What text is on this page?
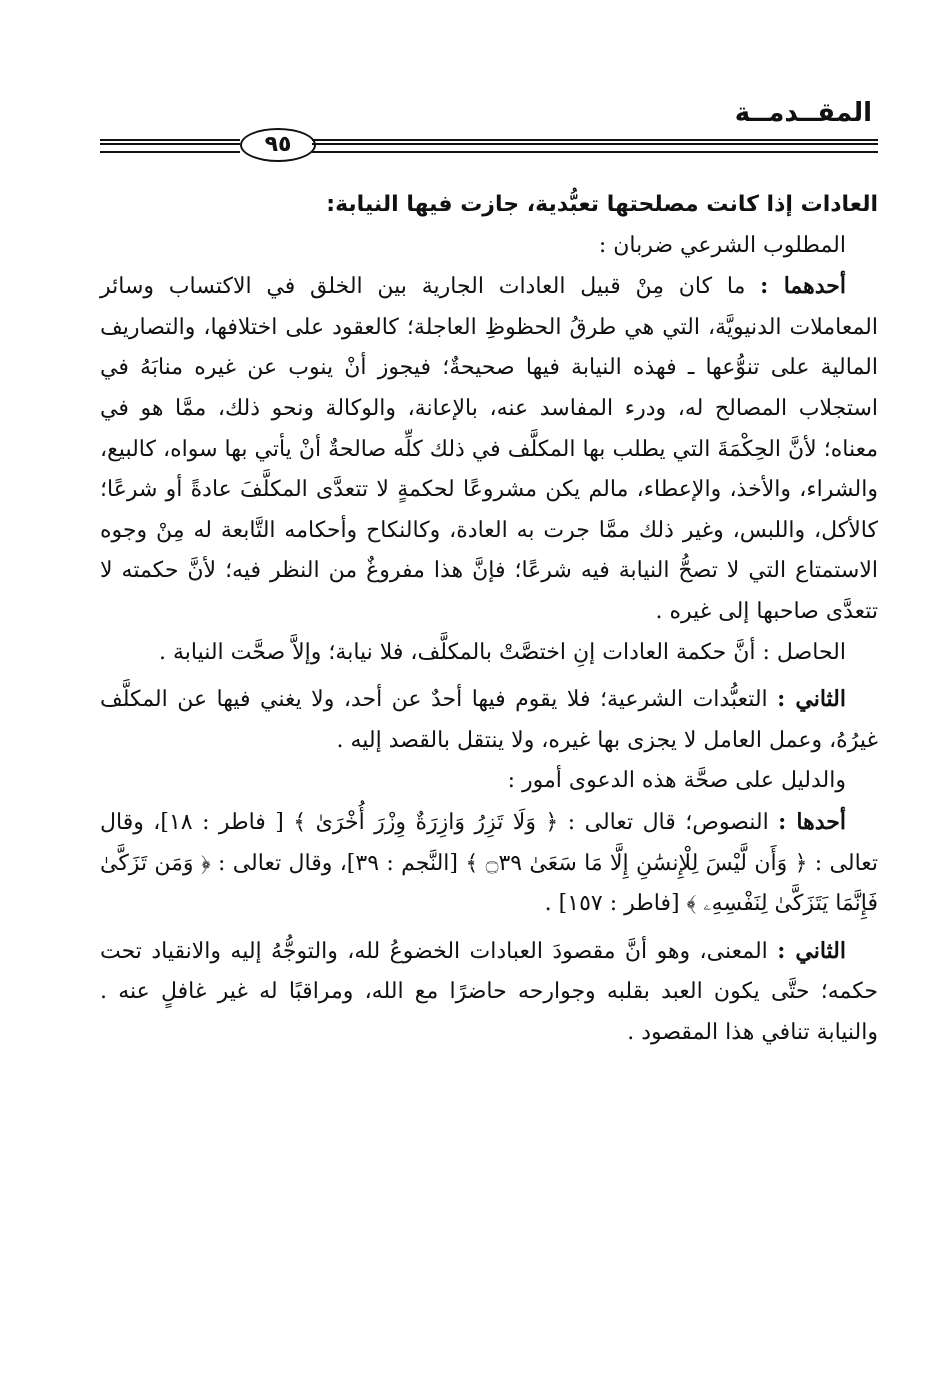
المقــدمــة
٩٥

العادات إذا كانت مصلحتها تعبُّدية، جازت فيها النيابة:

المطلوب الشرعي ضربان :

أحدهما : ما كان مِنْ قبيل العادات الجارية بين الخلق في الاكتساب وسائر المعاملات الدنيويَّة، التي هي طرقُ الحظوظِ العاجلة؛ كالعقود على اختلافها، والتصاريف المالية على تنوُّعها ـ فهذه النيابة فيها صحيحةٌ؛ فيجوز أنْ ينوب عن غيره منابَهُ في استجلاب المصالح له، ودرء المفاسد عنه، بالإعانة، والوكالة ونحو ذلك، ممَّا هو في معناه؛ لأنَّ الحِكْمَةَ التي يطلب بها المكلَّف في ذلك كلِّه صالحةٌ أنْ يأتي بها سواه، كالبيع، والشراء، والأخذ، والإعطاء، مالم يكن مشروعًا لحكمةٍ لا تتعدَّى المكلَّفَ عادةً أو شرعًا؛ كالأكل، واللبس، وغير ذلك ممَّا جرت به العادة، وكالنكاح وأحكامه التَّابعة له مِنْ وجوه الاستمتاع التي لا تصحُّ النيابة فيه شرعًا؛ فإنَّ هذا مفروغٌ من النظر فيه؛ لأنَّ حكمته لا تتعدَّى صاحبها إلى غيره .

الحاصل : أنَّ حكمة العادات إنِ اختصَّتْ بالمكلَّف، فلا نيابة؛ وإلاَّ صحَّت النيابة .

الثاني : التعبُّدات الشرعية؛ فلا يقوم فيها أحدٌ عن أحد، ولا يغني فيها عن المكلَّف غيرُهُ، وعمل العامل لا يجزى بها غيره، ولا ينتقل بالقصد إليه .

والدليل على صحَّة هذه الدعوى أمور :

أحدها : النصوص؛ قال تعالى : ﴿ وَلَا تَزِرُ وَازِرَةٌ وِزْرَ أُخْرَىٰ ﴾ [ فاطر : ١٨]، وقال تعالى : ﴿ وَأَن لَّيْسَ لِلْإِنسَٰنِ إِلَّا مَا سَعَىٰ ۝٣٩ ﴾ [النَّجم : ٣٩]، وقال تعالى : ﴿ وَمَن تَزَكَّىٰ فَإِنَّمَا يَتَزَكَّىٰ لِنَفْسِهِۦ ﴾ [فاطر : ١٥٧] .

الثاني : المعنى، وهو أنَّ مقصودَ العبادات الخضوعُ لله، والتوجُّهُ إليه والانقياد تحت حكمه؛ حتَّى يكون العبد بقلبه وجوارحه حاضرًا مع الله، ومراقبًا له غير غافلٍ عنه . والنيابة تنافي هذا المقصود .
